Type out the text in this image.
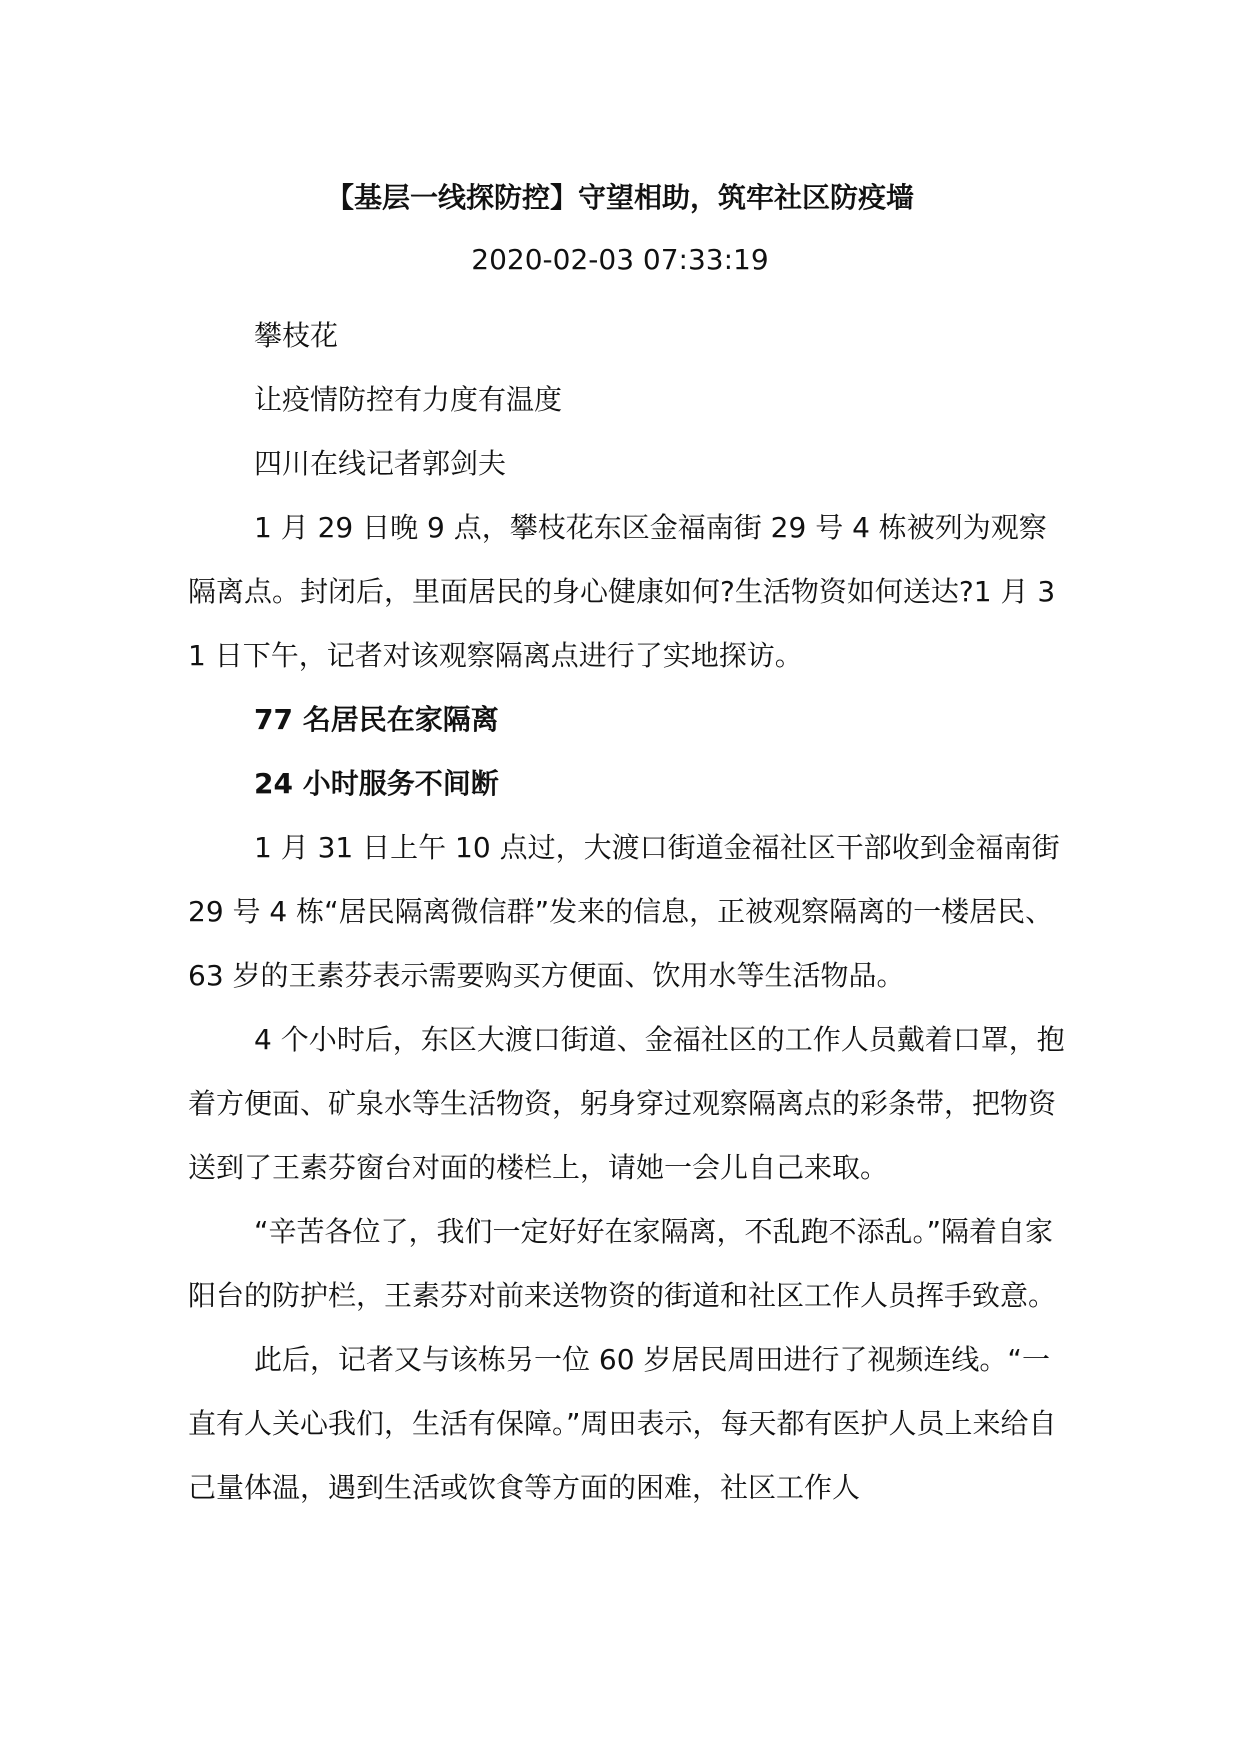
【基层一线探防控】守望相助，筑牢社区防疫墙
2020-02-03 07:33:19

攀枝花

让疫情防控有力度有温度

四川在线记者郭剑夫

1 月 29 日晚 9 点，攀枝花东区金福南街 29 号 4 栋被列为观察隔离点。封闭后，里面居民的身心健康如何?生活物资如何送达?1 月 31 日下午，记者对该观察隔离点进行了实地探访。

77 名居民在家隔离

24 小时服务不间断

1 月 31 日上午 10 点过，大渡口街道金福社区干部收到金福南街 29 号 4 栋“居民隔离微信群”发来的信息，正被观察隔离的一楼居民、63 岁的王素芬表示需要购买方便面、饮用水等生活物品。

4 个小时后，东区大渡口街道、金福社区的工作人员戴着口罩，抱着方便面、矿泉水等生活物资，躬身穿过观察隔离点的彩条带，把物资送到了王素芬窗台对面的楼栏上，请她一会儿自己来取。

“辛苦各位了，我们一定好好在家隔离，不乱跑不添乱。”隔着自家阳台的防护栏，王素芬对前来送物资的街道和社区工作人员挥手致意。

此后，记者又与该栋另一位 60 岁居民周田进行了视频连线。“一直有人关心我们，生活有保障。”周田表示，每天都有医护人员上来给自己量体温，遇到生活或饮食等方面的困难，社区工作人
